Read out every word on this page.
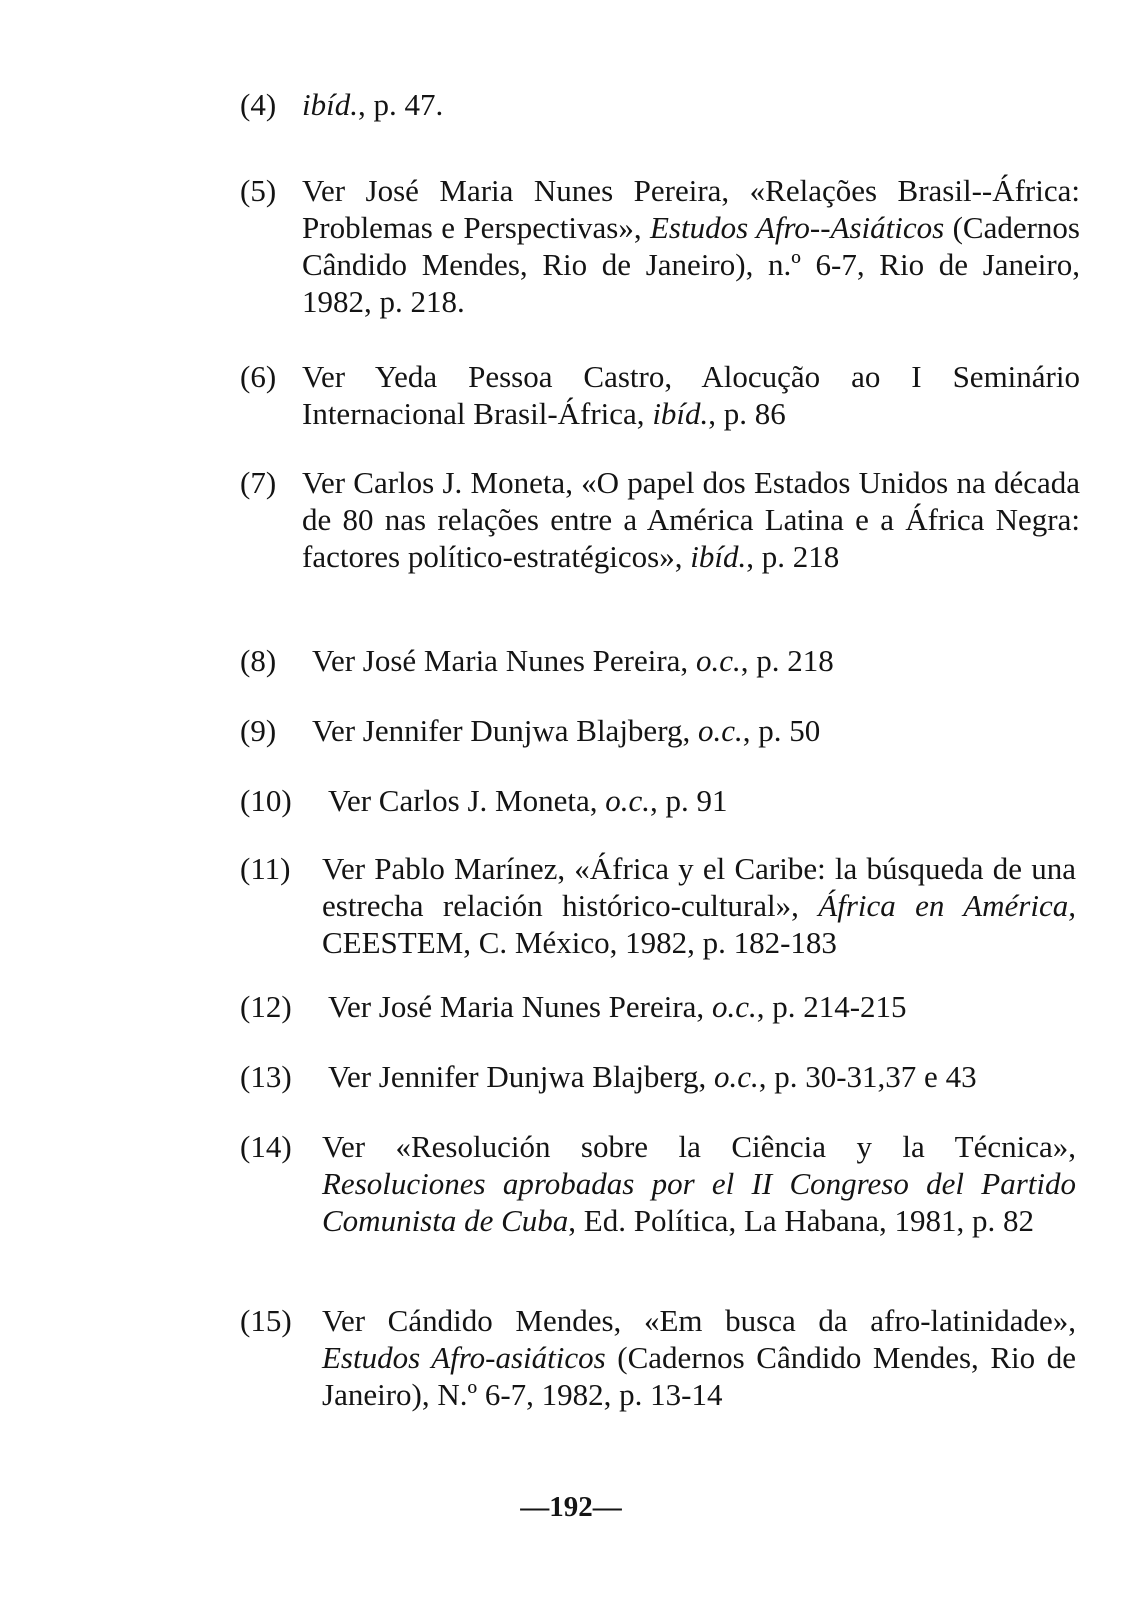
(4) ibíd., p. 47.
(5) Ver José Maria Nunes Pereira, «Relações Brasil--África: Problemas e Perspectivas», Estudos Afro--Asiáticos (Cadernos Cândido Mendes, Rio de Janeiro), n.º 6-7, Rio de Janeiro, 1982, p. 218.
(6) Ver Yeda Pessoa Castro, Alocução ao I Seminário Internacional Brasil-África, ibíd., p. 86
(7) Ver Carlos J. Moneta, «O papel dos Estados Unidos na década de 80 nas relações entre a América Latina e a África Negra: factores político-estratégicos», ibíd., p. 218
(8) Ver José Maria Nunes Pereira, o.c., p. 218
(9) Ver Jennifer Dunjwa Blajberg, o.c., p. 50
(10) Ver Carlos J. Moneta, o.c., p. 91
(11) Ver Pablo Marínez, «África y el Caribe: la búsqueda de una estrecha relación histórico-cultural», África en América, CEESTEM, C. México, 1982, p. 182-183
(12) Ver José Maria Nunes Pereira, o.c., p. 214-215
(13) Ver Jennifer Dunjwa Blajberg, o.c., p. 30-31,37 e 43
(14) Ver «Resolución sobre la Ciência y la Técnica», Resoluciones aprobadas por el II Congreso del Partido Comunista de Cuba, Ed. Política, La Habana, 1981, p. 82
(15) Ver Cándido Mendes, «Em busca da afro-latinidade», Estudos Afro-asiáticos (Cadernos Cândido Mendes, Rio de Janeiro), N.º 6-7, 1982, p. 13-14
—192—
